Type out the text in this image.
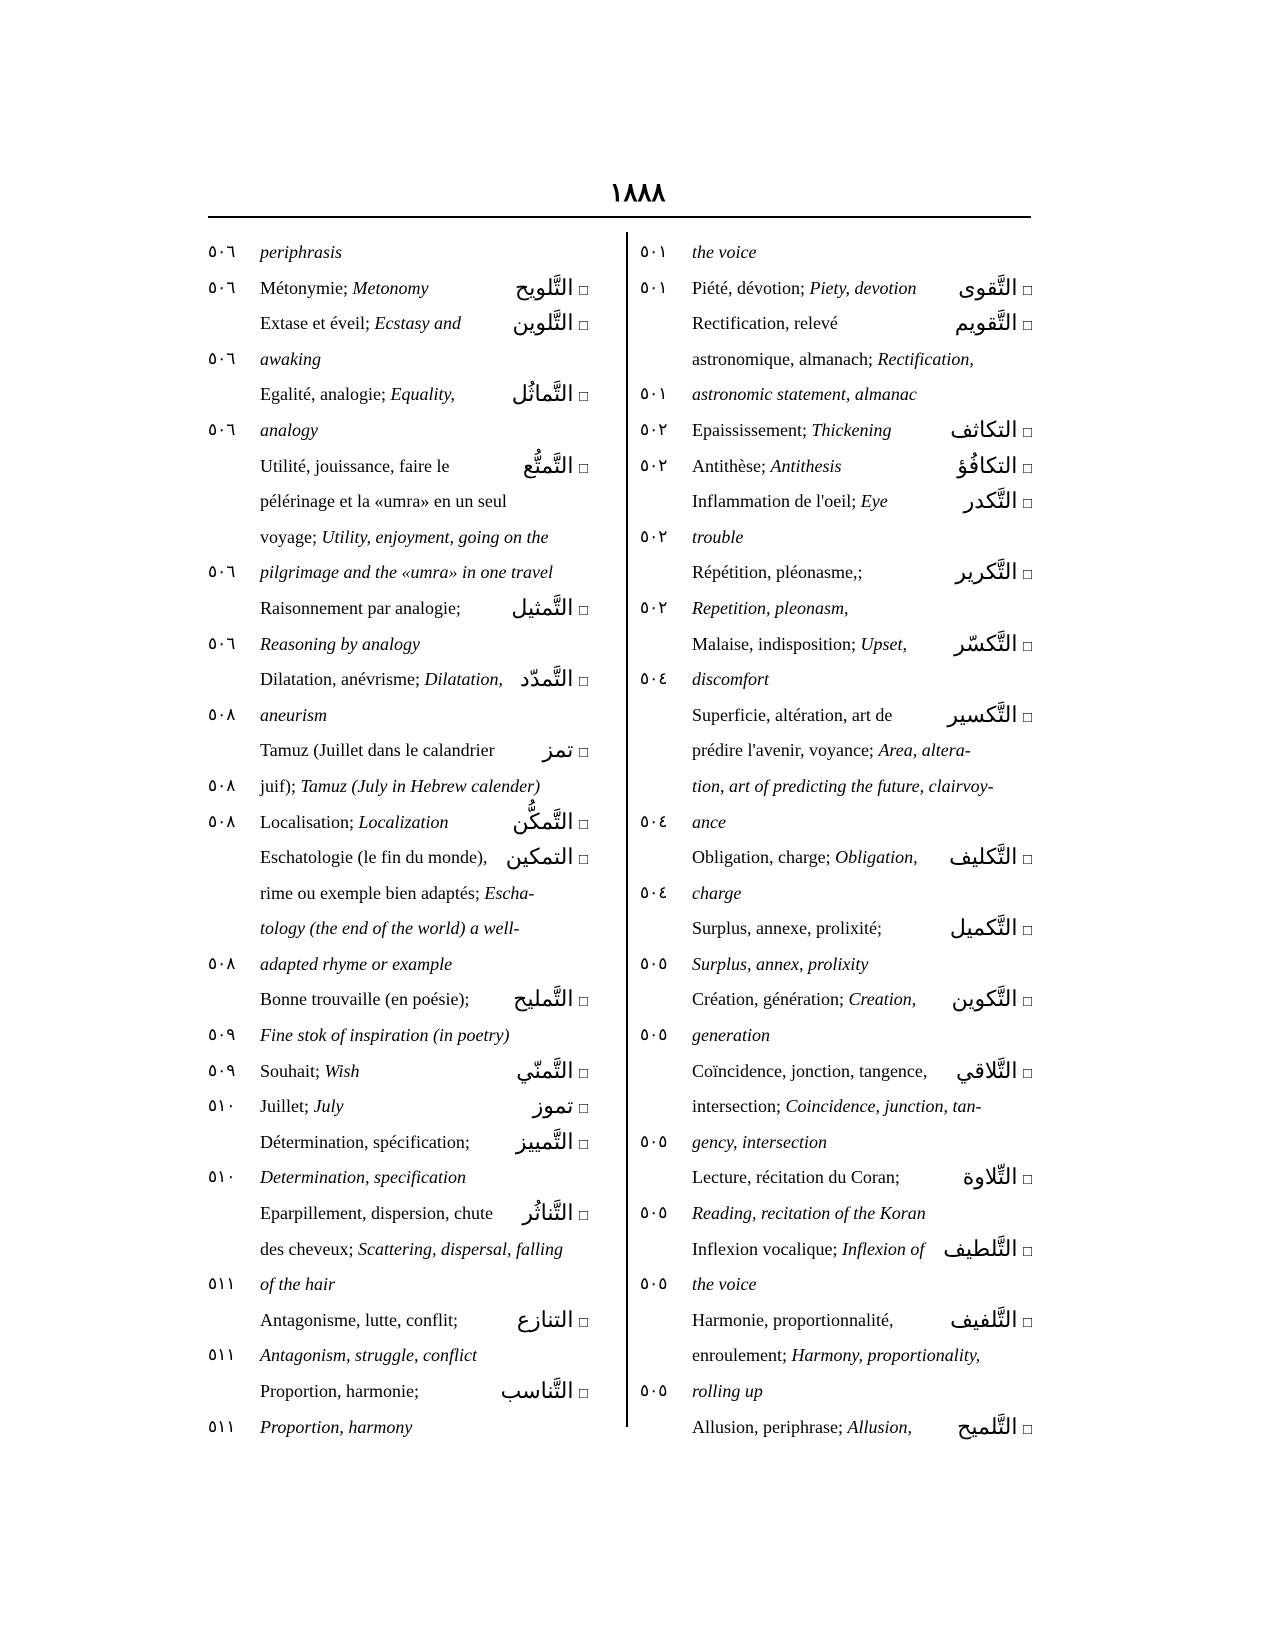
١٨٨٨
٥٠١	the voice
٥٠١	Piété, dévotion; Piety, devotion	□ التَّقوى
Rectification, relevé	□ التَّقويم
astronomique, almanach; Rectification,
٥٠١	astronomic statement, almanac
٥٠٢	Epaississement; Thickening	□ التكاثف
٥٠٢	Antithèse; Antithesis	□ التكافُؤ
Inflammation de l'oeil; Eye	□ التَّكدر
٥٠٢	trouble
Répétition, pléonasme,;	□ التَّكرير
٥٠٢	Repetition, pleonasm,
Malaise, indisposition; Upset,	□ التَّكسّر
٥٠٤	discomfort
Superficie, altération, art de	□ التَّكسير
prédire l'avenir, voyance; Area, altera-
tion, art of predicting the future, clairvoy-
٥٠٤	ance
Obligation, charge; Obligation,	□ التَّكليف
٥٠٤	charge
Surplus, annexe, prolixité;	□ التَّكميل
٥٠٥	Surplus, annex, prolixity
Création, génération; Creation,	□ التَّكوين
٥٠٥	generation
Coïncidence, jonction, tangence,	□ التَّلاقي
intersection; Coincidence, junction, tan-
٥٠٥	gency, intersection
Lecture, récitation du Coran;	□ التِّلاوة
٥٠٥	Reading, recitation of the Koran
Inflexion vocalique; Inflexion of	□ التَّلطيف
٥٠٥	the voice
Harmonie, proportionnalité,	□ التَّلفيف
enroulement; Harmony, proportionality,
٥٠٥	rolling up
Allusion, periphrase; Allusion,	□ التَّلميح
٥٠٦	periphrasis
٥٠٦	Métonymie; Metonomy	□ التَّلويح
Extase et éveil; Ecstasy and	□ التَّلوين
٥٠٦	awaking
Egalité, analogie; Equality,	□ التَّماثُل
٥٠٦	analogy
Utilité, jouissance, faire le	□ التَّمتُّع
pélérinage et la «umra» en un seul
voyage; Utility, enjoyment, going on the
٥٠٦	pilgrimage and the «umra» in one travel
Raisonnement par analogie;	□ التَّمثيل
٥٠٦	Reasoning by analogy
Dilatation, anévrisme; Dilatation,	□ التَّمدّد
٥٠٨	aneurism
Tamuz (Juillet dans le calandrier	□ تمز
٥٠٨	juif); Tamuz (July in Hebrew calender)
٥٠٨	Localisation; Localization	□ التَّمكُّن
Eschatologie (le fin du monde),	□ التمكين
rime ou exemple bien adaptés; Escha-
tology (the end of the world) a well-
٥٠٨	adapted rhyme or example
Bonne trouvaille (en poésie);	□ التَّمليح
٥٠٩	Fine stok of inspiration (in poetry)
٥٠٩	Souhait; Wish	□ التَّمنّي
٥١٠	Juillet; July	□ تموز
Détermination, spécification;	□ التَّمييز
٥١٠	Determination, specification
Eparpillement, dispersion, chute	□ التَّناثُر
des cheveux; Scattering, dispersal, falling
٥١١	of the hair
Antagonisme, lutte, conflit;	□ التنازع
٥١١	Antagonism, struggle, conflict
Proportion, harmonie;	□ التَّناسب
٥١١	Proportion, harmony
